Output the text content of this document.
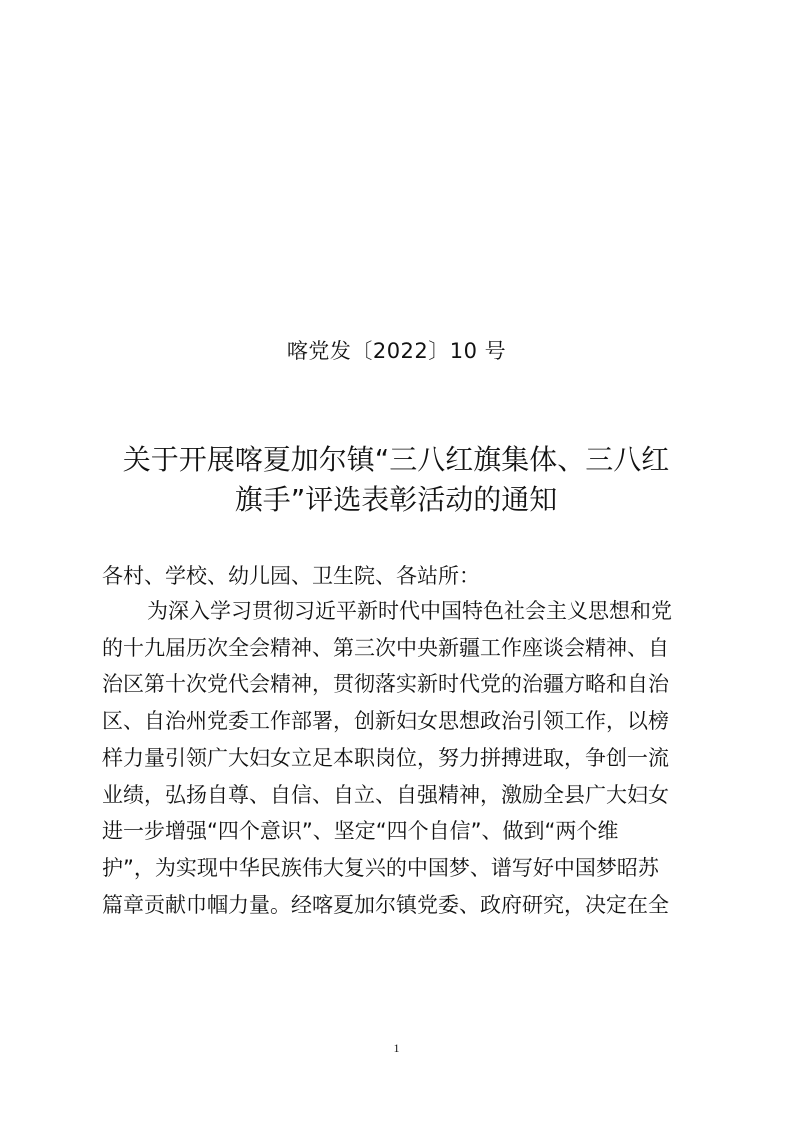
喀党发〔2022〕10 号
关于开展喀夏加尔镇“三八红旗集体、三八红
旗手”评选表彰活动的通知
各村、学校、幼儿园、卫生院、各站所：
为深入学习贯彻习近平新时代中国特色社会主义思想和党
的十九届历次全会精神、第三次中央新疆工作座谈会精神、自
治区第十次党代会精神，贯彻落实新时代党的治疆方略和自治
区、自治州党委工作部署，创新妇女思想政治引领工作，以榜
样力量引领广大妇女立足本职岗位，努力拼搏进取，争创一流
业绩，弘扬自尊、自信、自立、自强精神，激励全县广大妇女
进一步增强“四个意识”、坚定“四个自信”、做到“两个维
护”，为实现中华民族伟大复兴的中国梦、谱写好中国梦昭苏
篇章贡献巾帼力量。经喀夏加尔镇党委、政府研究，决定在全
1
